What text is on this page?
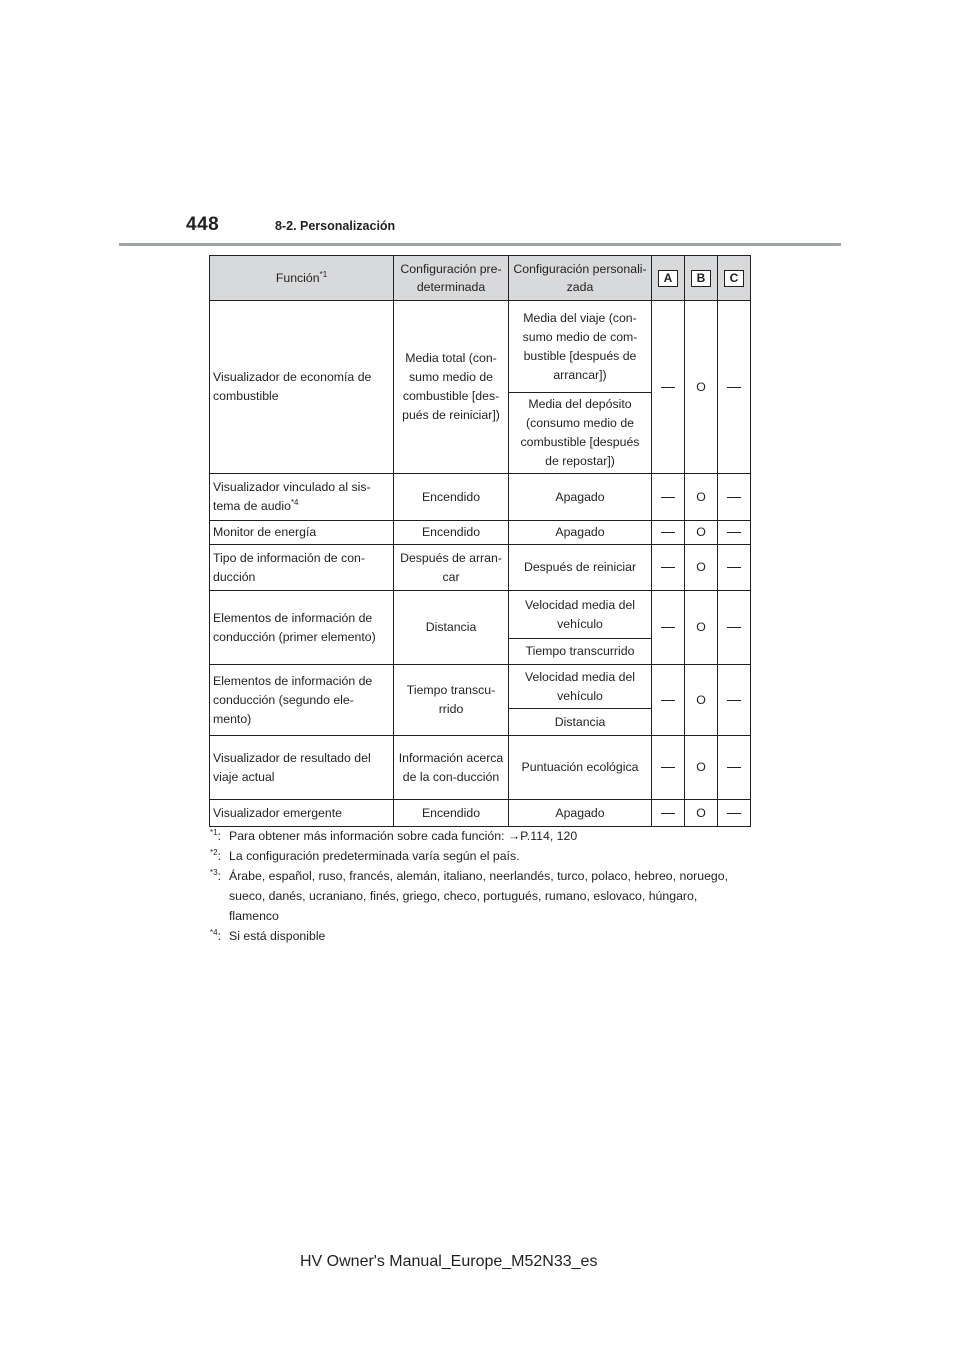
448	8-2. Personalización
Función$^{*1}$	Configuración pre-determinada	Configuración personali-zada	A	B	C
Visualizador de economía de combustible	Media total (con-sumo medio de combustible [des-pués de reiniciar])	Media del viaje (con-sumo medio de com-bustible [después de arrancar])		O	
		Media del depósito (consumo medio de combustible [después de repostar])			
Visualizador vinculado al sis-tema de audio$^{*4}$	Encendido	Apagado		O	
Monitor de energía	Encendido	Apagado		O	
Tipo de información de con-ducción	Después de arran-car	Después de reiniciar		O	
Elementos de información de conducción (primer elemento)	Distancia	Velocidad media del vehículo		O	
		Tiempo transcurrido			
Elementos de información de conducción (segundo ele-mento)	Tiempo transcu-rrido	Velocidad media del vehículo		O	
		Distancia			
Visualizador de resultado del viaje actual	Información acerca de la con-ducción	Puntuación ecológica		O	
Visualizador emergente	Encendido	Apagado		O	
$^{*1}$: Para obtener más información sobre cada función: →P.114, 120
$^{*2}$: La configuración predeterminada varía según el país.
$^{*3}$: Árabe, español, ruso, francés, alemán, italiano, neerlandés, turco, polaco, hebreo, noruego, sueco, danés, ucraniano, finés, griego, checo, portugués, rumano, eslovaco, húngaro, flamenco
$^{*4}$: Si está disponible
HV Owner's Manual_Europe_M52N33_es
